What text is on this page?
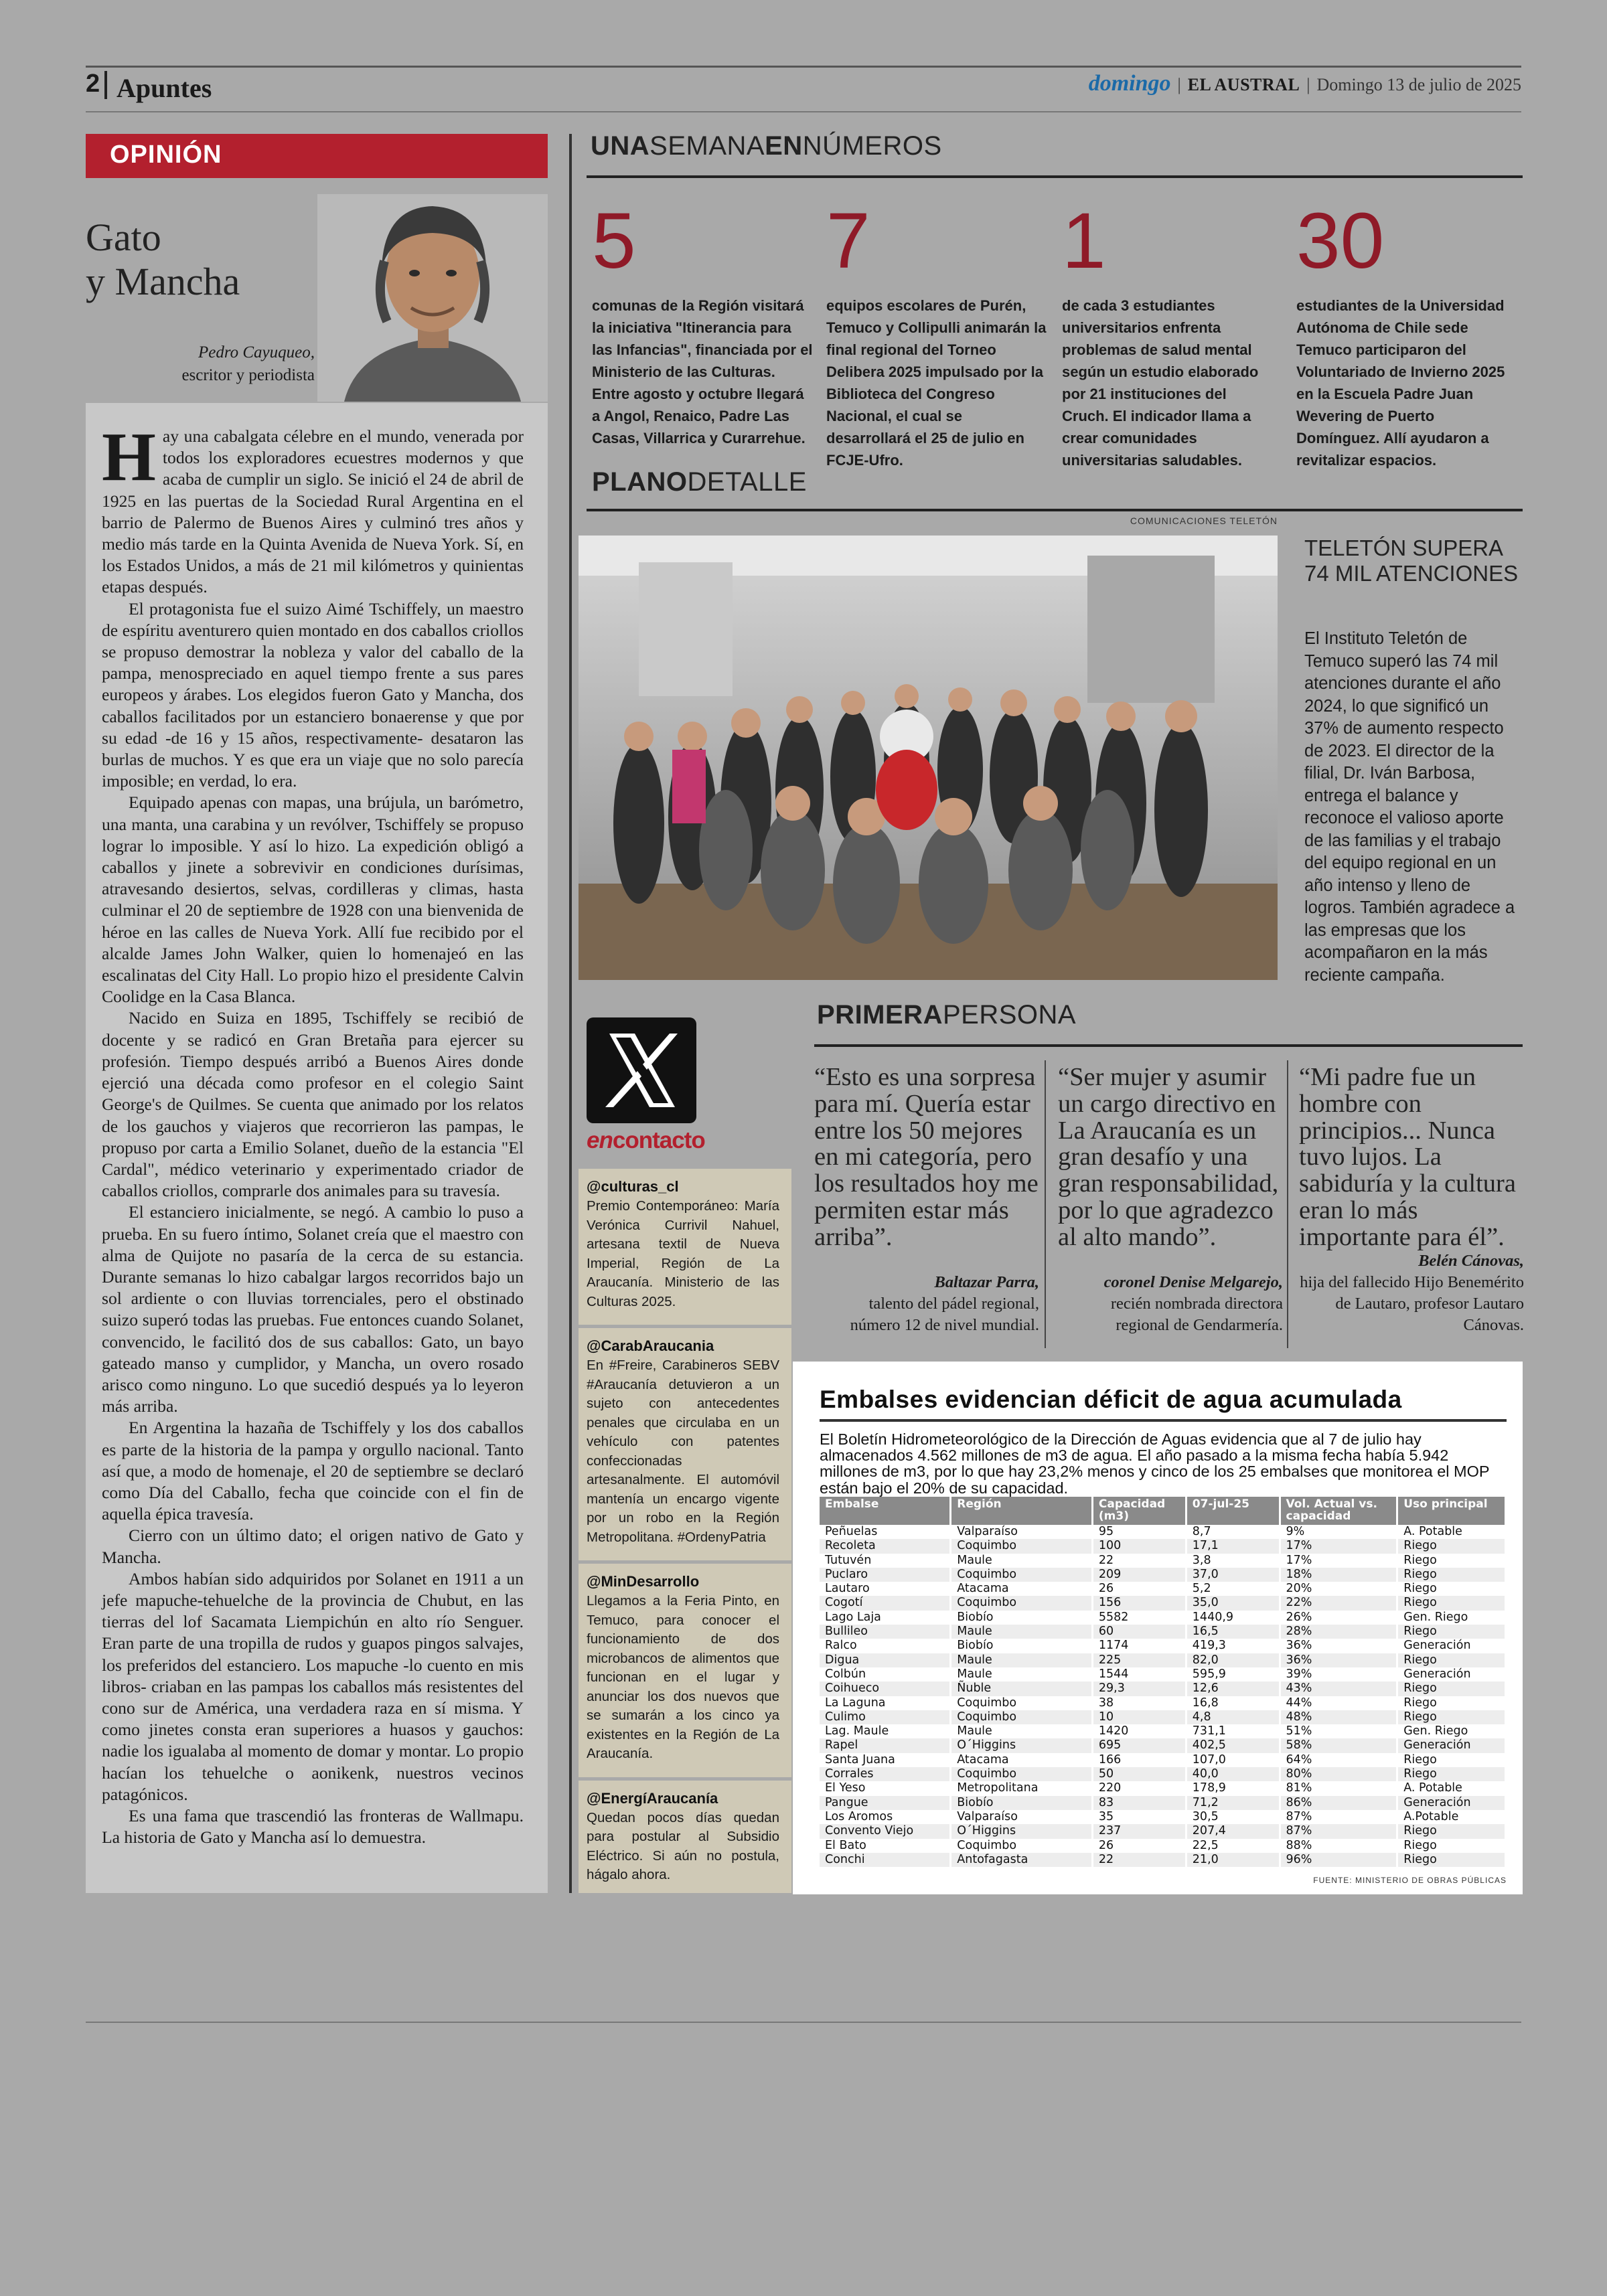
2 Apuntes	domingo | EL AUSTRAL | Domingo 13 de julio de 2025
OPINIÓN
Gato
y Mancha
Pedro Cayuqueo,
escritor y periodista

Hay una cabalgata célebre en el mundo, venerada por todos los exploradores ecuestres modernos y que acaba de cumplir un siglo. Se inició el 24 de abril de 1925 en las puertas de la Sociedad Rural Argentina en el barrio de Palermo de Buenos Aires y culminó tres años y medio más tarde en la Quinta Avenida de Nueva York. Sí, en los Estados Unidos, a más de 21 mil kilómetros y quinientas etapas después.

El protagonista fue el suizo Aimé Tschiffely, un maestro de espíritu aventurero quien montado en dos caballos criollos se propuso demostrar la nobleza y valor del caballo de la pampa, menospreciado en aquel tiempo frente a sus pares europeos y árabes. Los elegidos fueron Gato y Mancha, dos caballos facilitados por un estanciero bonaerense y que por su edad -de 16 y 15 años, respectivamente- desataron las burlas de muchos. Y es que era un viaje que no solo parecía imposible; en verdad, lo era.

Equipado apenas con mapas, una brújula, un barómetro, una manta, una carabina y un revólver, Tschiffely se propuso lograr lo imposible. Y así lo hizo. La expedición obligó a caballos y jinete a sobrevivir en condiciones durísimas, atravesando desiertos, selvas, cordilleras y climas, hasta culminar el 20 de septiembre de 1928 con una bienvenida de héroe en las calles de Nueva York. Allí fue recibido por el alcalde James John Walker, quien lo homenajeó en las escalinatas del City Hall. Lo propio hizo el presidente Calvin Coolidge en la Casa Blanca.

Nacido en Suiza en 1895, Tschiffely se recibió de docente y se radicó en Gran Bretaña para ejercer su profesión. Tiempo después arribó a Buenos Aires donde ejerció una década como profesor en el colegio Saint George's de Quilmes. Se cuenta que animado por los relatos de los gauchos y viajeros que recorrieron las pampas, le propuso por carta a Emilio Solanet, dueño de la estancia "El Cardal", médico veterinario y experimentado criador de caballos criollos, comprarle dos animales para su travesía.

El estanciero inicialmente, se negó. A cambio lo puso a prueba. En su fuero íntimo, Solanet creía que el maestro con alma de Quijote no pasaría de la cerca de su estancia. Durante semanas lo hizo cabalgar largos recorridos bajo un sol ardiente o con lluvias torrenciales, pero el obstinado suizo superó todas las pruebas. Fue entonces cuando Solanet, convencido, le facilitó dos de sus caballos: Gato, un bayo gateado manso y cumplidor, y Mancha, un overo rosado arisco como ninguno. Lo que sucedió después ya lo leyeron más arriba.

En Argentina la hazaña de Tschiffely y los dos caballos es parte de la historia de la pampa y orgullo nacional. Tanto así que, a modo de homenaje, el 20 de septiembre se declaró como Día del Caballo, fecha que coincide con el fin de aquella épica travesía.

Cierro con un último dato; el origen nativo de Gato y Mancha.

Ambos habían sido adquiridos por Solanet en 1911 a un jefe mapuche-tehuelche de la provincia de Chubut, en las tierras del lof Sacamata Liempichún en alto río Senguer. Eran parte de una tropilla de rudos y guapos pingos salvajes, los preferidos del estanciero. Los mapuche -lo cuento en mis libros- criaban en las pampas los caballos más resistentes del cono sur de América, una verdadera raza en sí misma. Y como jinetes consta eran superiores a huasos y gauchos: nadie los igualaba al momento de domar y montar. Lo propio hacían los tehuelche o aonikenk, nuestros vecinos patagónicos.

Es una fama que trascendió las fronteras de Wallmapu. La historia de Gato y Mancha así lo demuestra.

UNASEMANAENNÚMEROS
5
comunas de la Región visitará la iniciativa "Itinerancia para las Infancias", financiada por el Ministerio de las Culturas. Entre agosto y octubre llegará a Angol, Renaico, Padre Las Casas, Villarrica y Curarrehue.
7
equipos escolares de Purén, Temuco y Collipulli animarán la final regional del Torneo Delibera 2025 impulsado por la Biblioteca del Congreso Nacional, el cual se desarrollará el 25 de julio en FCJE-Ufro.
1
de cada 3 estudiantes universitarios enfrenta problemas de salud mental según un estudio elaborado por 21 instituciones del Cruch. El indicador llama a crear comunidades universitarias saludables.
30
estudiantes de la Universidad Autónoma de Chile sede Temuco participaron del Voluntariado de Invierno 2025 en la Escuela Padre Juan Wevering de Puerto Domínguez. Allí ayudaron a revitalizar espacios.
PLANODETALLE
COMUNICACIONES TELETÓN
TELETÓN SUPERA 74 MIL ATENCIONES
El Instituto Teletón de Temuco superó las 74 mil atenciones durante el año 2024, lo que significó un 37% de aumento respecto de 2023. El director de la filial, Dr. Iván Barbosa, entrega el balance y reconoce el valioso aporte de las familias y el trabajo del equipo regional en un año intenso y lleno de logros. También agradece a las empresas que los acompañaron en la más reciente campaña.
encontacto
@culturas_cl
Premio Contemporáneo: María Verónica Currivil Nahuel, artesana textil de Nueva Imperial, Región de La Araucanía. Ministerio de las Culturas 2025.
@CarabAraucania
En #Freire, Carabineros SEBV #Araucanía detuvieron a un sujeto con antecedentes penales que circulaba en un vehículo con patentes confeccionadas artesanalmente. El automóvil mantenía un encargo vigente por un robo en la Región Metropolitana. #OrdenyPatria
@MinDesarrollo
Llegamos a la Feria Pinto, en Temuco, para conocer el funcionamiento de dos microbancos de alimentos que funcionan en el lugar y anunciar los dos nuevos que se sumarán a los cinco ya existentes en la Región de La Araucanía.
@EnergíAraucanía
Quedan pocos días quedan para postular al Subsidio Eléctrico. Si aún no postula, hágalo ahora.
PRIMERAPERSONA
“Esto es una sorpresa para mí. Quería estar entre los 50 mejores en mi categoría, pero los resultados hoy me permiten estar más arriba”.
Baltazar Parra,
talento del pádel regional, número 12 de nivel mundial.
“Ser mujer y asumir un cargo directivo en La Araucanía es un gran desafío y una gran responsabilidad, por lo que agradezco al alto mando”.
coronel Denise Melgarejo,
recién nombrada directora regional de Gendarmería.
“Mi padre fue un hombre con principios... Nunca tuvo lujos. La sabiduría y la cultura eran lo más importante para él”.
Belén Cánovas,
hija del fallecido Hijo Benemérito de Lautaro, profesor Lautaro Cánovas.
Embalses evidencian déficit de agua acumulada
El Boletín Hidrometeorológico de la Dirección de Aguas evidencia que al 7 de julio hay almacenados 4.562 millones de m3 de agua. El año pasado a la misma fecha había 5.942 millones de m3, por lo que hay 23,2% menos y cinco de los 25 embalses que monitorea el MOP están bajo el 20% de su capacidad.
Embalse	Región	Capacidad (m3)	07-jul-25	Vol. Actual vs. capacidad	Uso principal
Peñuelas	Valparaíso	95	8,7	9%	A. Potable
Recoleta	Coquimbo	100	17,1	17%	Riego
Tutuvén	Maule	22	3,8	17%	Riego
Puclaro	Coquimbo	209	37,0	18%	Riego
Lautaro	Atacama	26	5,2	20%	Riego
Cogotí	Coquimbo	156	35,0	22%	Riego
Lago Laja	Biobío	5582	1440,9	26%	Gen. Riego
Bullileo	Maule	60	16,5	28%	Riego
Ralco	Biobío	1174	419,3	36%	Generación
Digua	Maule	225	82,0	36%	Riego
Colbún	Maule	1544	595,9	39%	Generación
Coihueco	Ñuble	29,3	12,6	43%	Riego
La Laguna	Coquimbo	38	16,8	44%	Riego
Culimo	Coquimbo	10	4,8	48%	Riego
Lag. Maule	Maule	1420	731,1	51%	Gen. Riego
Rapel	O´Higgins	695	402,5	58%	Generación
Santa Juana	Atacama	166	107,0	64%	Riego
Corrales	Coquimbo	50	40,0	80%	Riego
El Yeso	Metropolitana	220	178,9	81%	A. Potable
Pangue	Biobío	83	71,2	86%	Generación
Los Aromos	Valparaíso	35	30,5	87%	A.Potable
Convento Viejo	O´Higgins	237	207,4	87%	Riego
El Bato	Coquimbo	26	22,5	88%	Riego
Conchi	Antofagasta	22	21,0	96%	Riego
FUENTE: MINISTERIO DE OBRAS PÚBLICAS
